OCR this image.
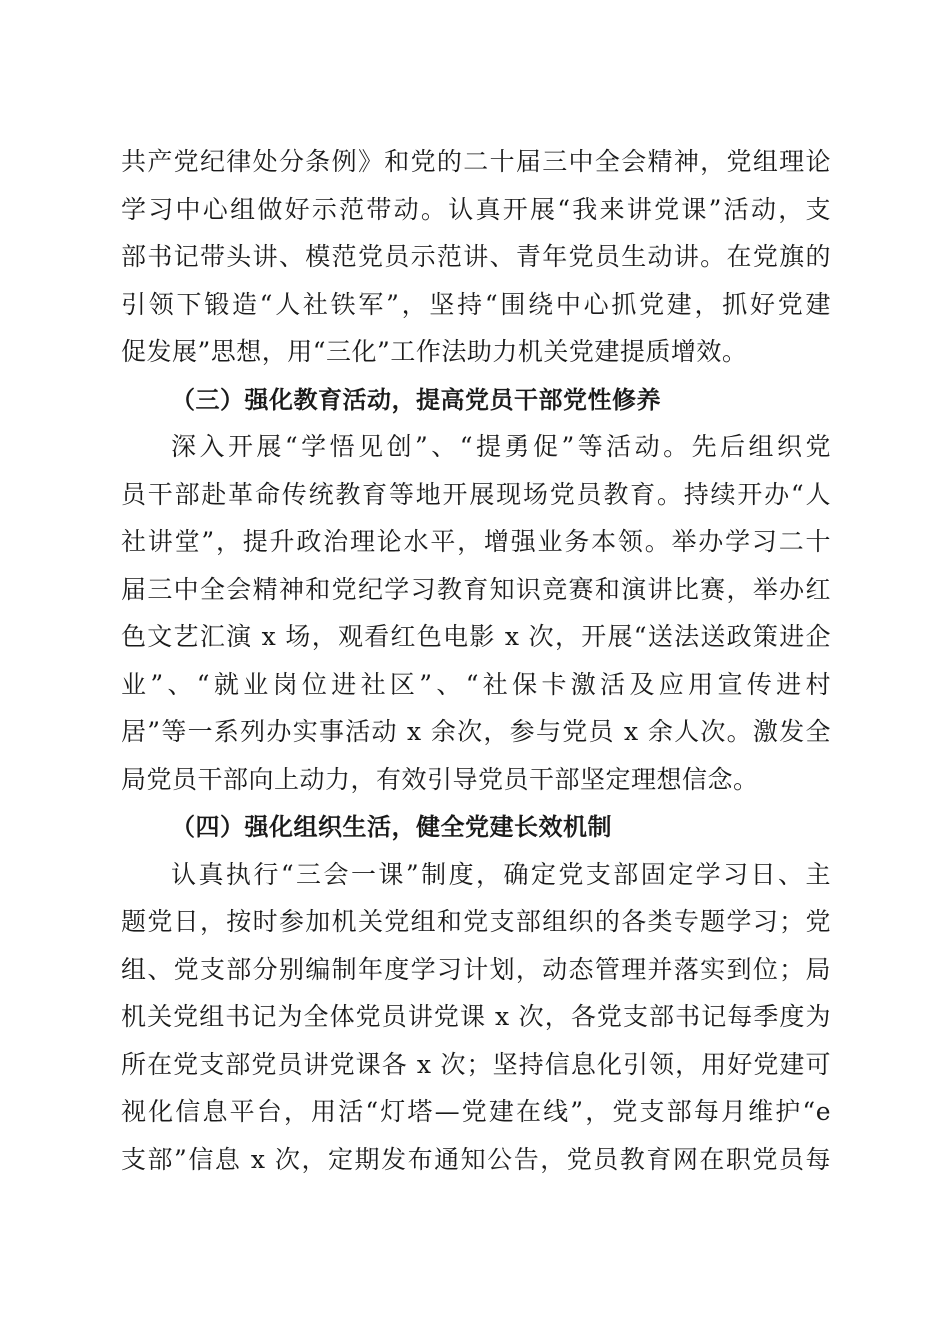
共产党纪律处分条例》和党的二十届三中全会精神，党组理论
学习中心组做好示范带动。认真开展“我来讲党课”活动，支
部书记带头讲、模范党员示范讲、青年党员生动讲。在党旗的
引领下锻造“人社铁军”，坚持“围绕中心抓党建，抓好党建
促发展”思想，用“三化”工作法助力机关党建提质增效。
（三）强化教育活动，提高党员干部党性修养
深入开展“学悟见创”、“提勇促”等活动。先后组织党
员干部赴革命传统教育等地开展现场党员教育。持续开办“人
社讲堂”，提升政治理论水平，增强业务本领。举办学习二十
届三中全会精神和党纪学习教育知识竞赛和演讲比赛，举办红
色文艺汇演 x 场，观看红色电影 x 次，开展“送法送政策进企
业”、“就业岗位进社区”、“社保卡激活及应用宣传进村
居”等一系列办实事活动 x 余次，参与党员 x 余人次。激发全
局党员干部向上动力，有效引导党员干部坚定理想信念。
（四）强化组织生活，健全党建长效机制
认真执行“三会一课”制度，确定党支部固定学习日、主
题党日，按时参加机关党组和党支部组织的各类专题学习；党
组、党支部分别编制年度学习计划，动态管理并落实到位；局
机关党组书记为全体党员讲党课 x 次，各党支部书记每季度为
所在党支部党员讲党课各 x 次；坚持信息化引领，用好党建可
视化信息平台，用活“灯塔—党建在线”，党支部每月维护“e
支部”信息 x 次，定期发布通知公告，党员教育网在职党员每
